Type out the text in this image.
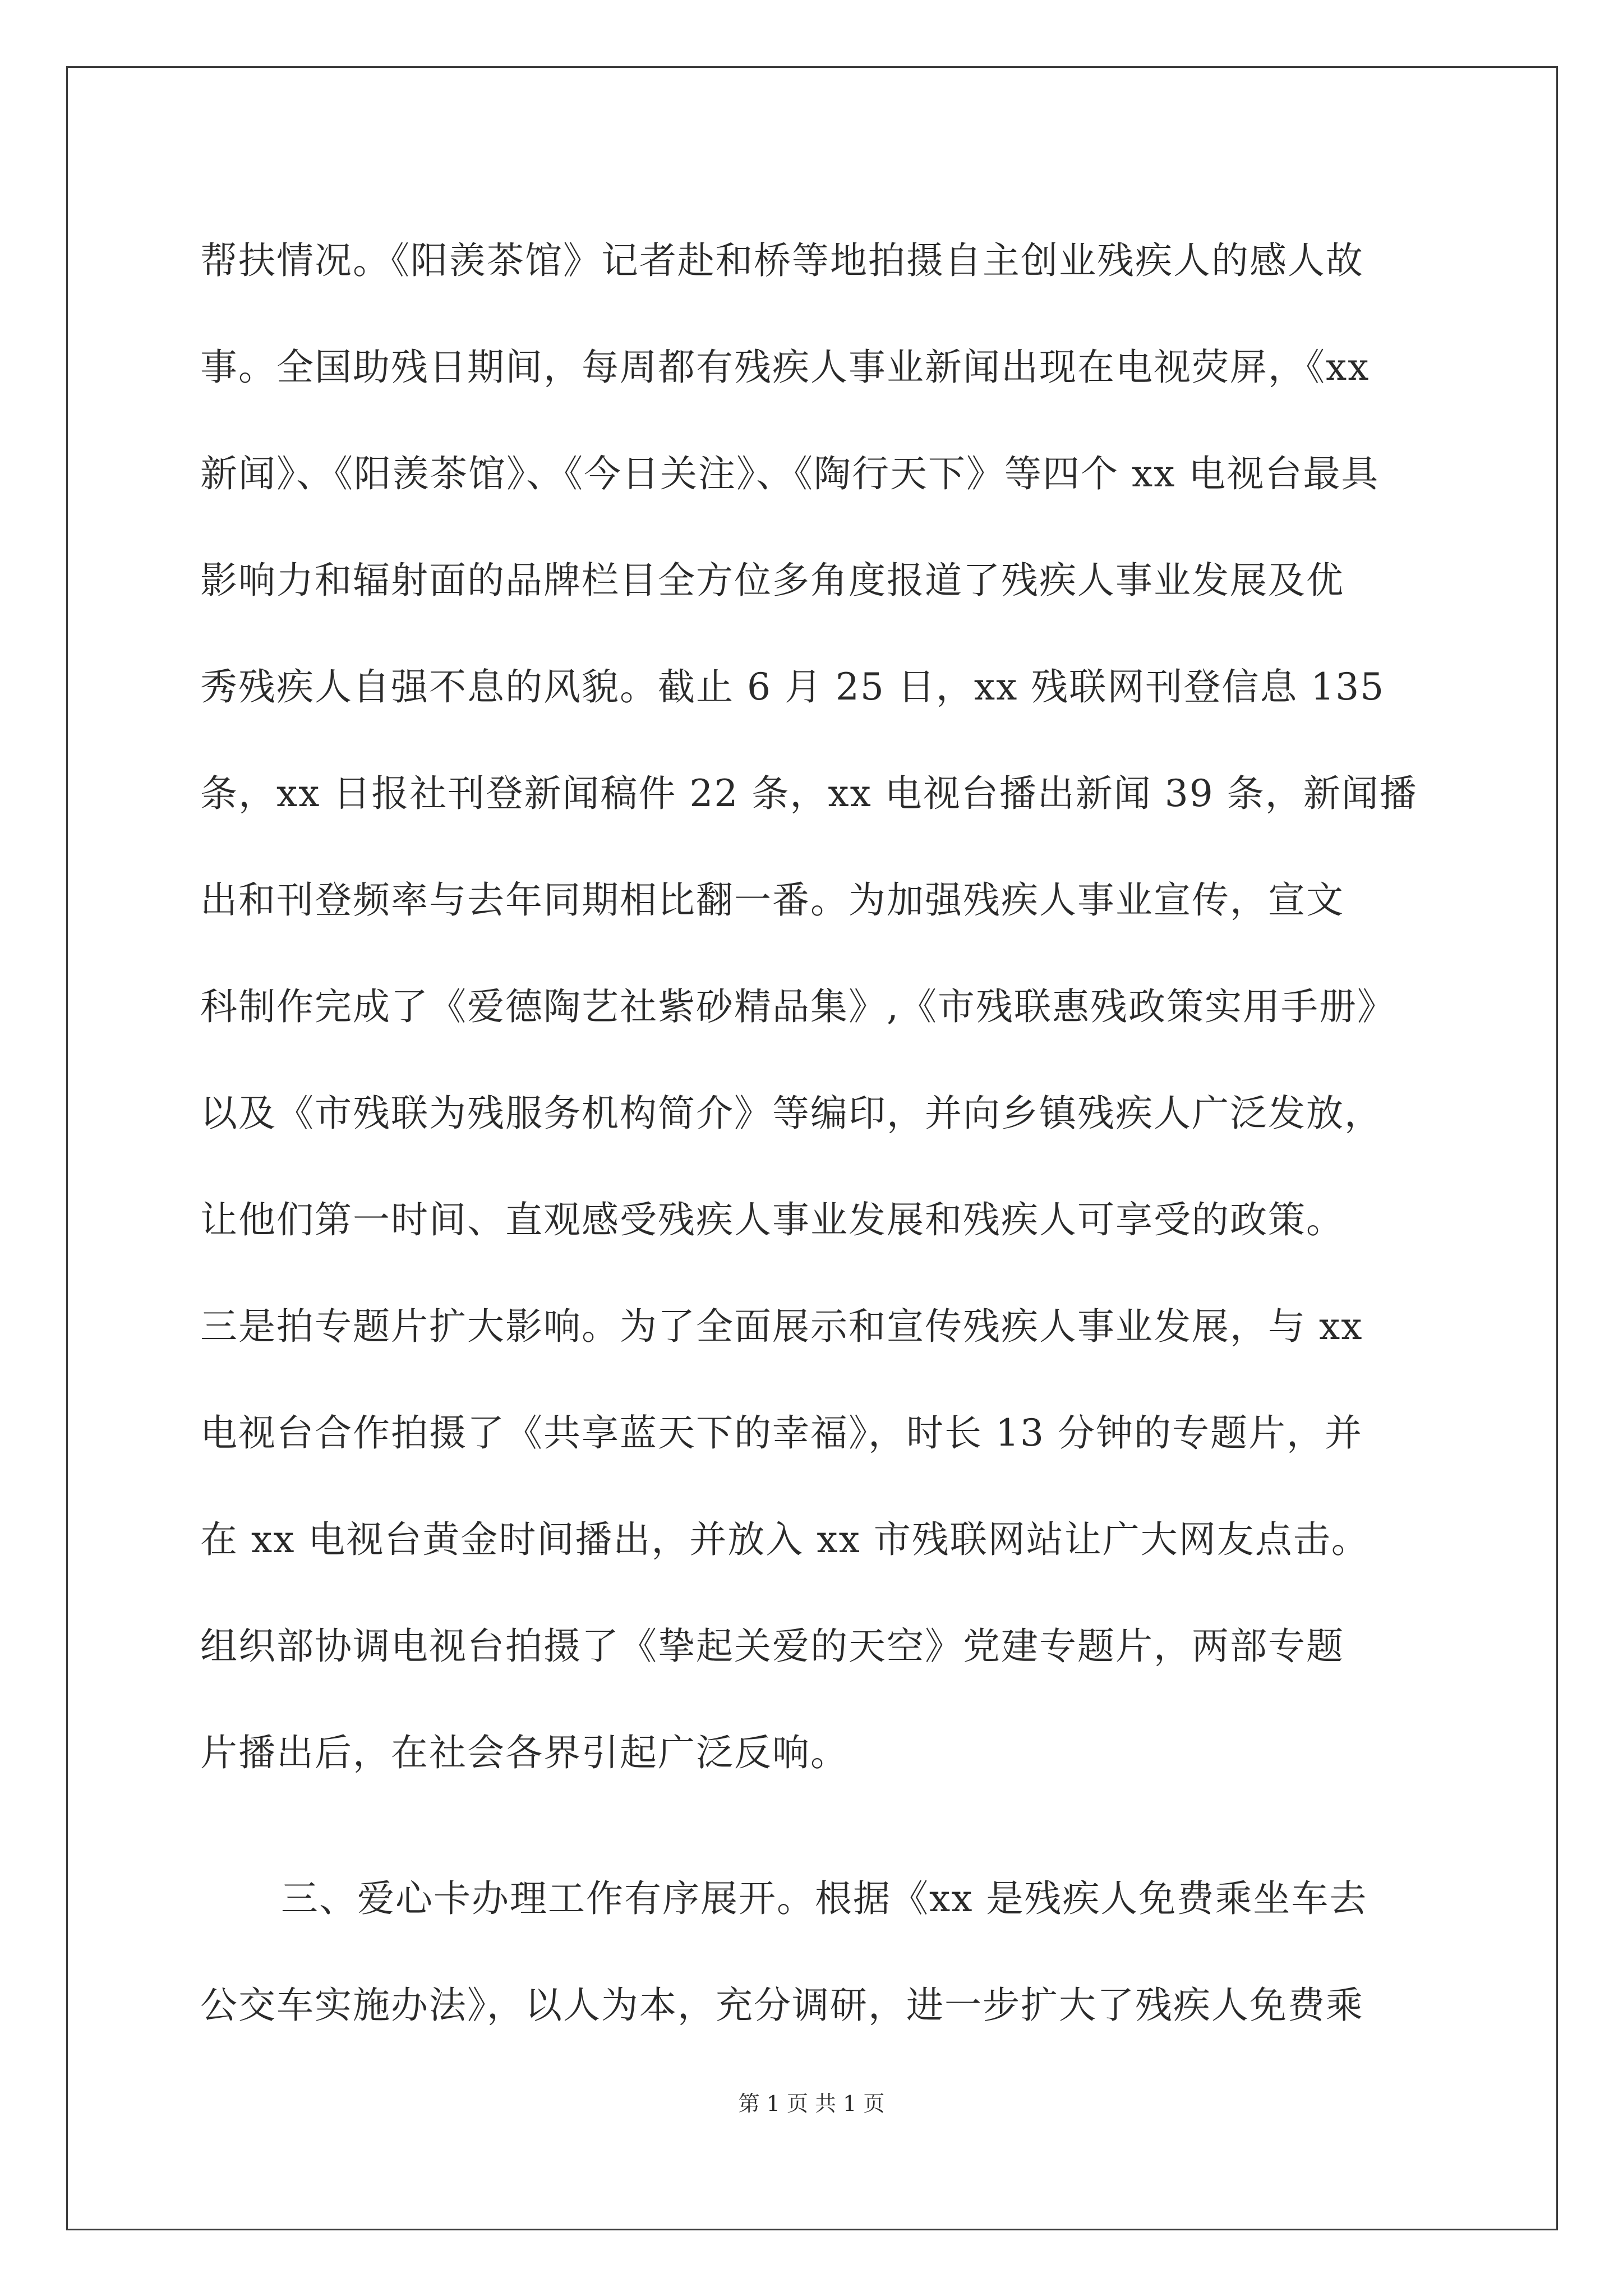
帮扶情况。《阳羡茶馆》记者赴和桥等地拍摄自主创业残疾人的感人故
事。全国助残日期间，每周都有残疾人事业新闻出现在电视荧屏，《xx
新闻》、《阳羡茶馆》、《今日关注》、《陶行天下》等四个 xx 电视台最具
影响力和辐射面的品牌栏目全方位多角度报道了残疾人事业发展及优
秀残疾人自强不息的风貌。截止 6 月 25 日，xx 残联网刊登信息 135
条，xx 日报社刊登新闻稿件 22 条，xx 电视台播出新闻 39 条，新闻播
出和刊登频率与去年同期相比翻一番。为加强残疾人事业宣传，宣文
科制作完成了《爱德陶艺社紫砂精品集》,《市残联惠残政策实用手册》
以及《市残联为残服务机构简介》等编印，并向乡镇残疾人广泛发放，
让他们第一时间、直观感受残疾人事业发展和残疾人可享受的政策。
三是拍专题片扩大影响。为了全面展示和宣传残疾人事业发展，与 xx
电视台合作拍摄了《共享蓝天下的幸福》，时长 13 分钟的专题片，并
在 xx 电视台黄金时间播出，并放入 xx 市残联网站让广大网友点击。
组织部协调电视台拍摄了《挚起关爱的天空》党建专题片，两部专题
片播出后，在社会各界引起广泛反响。
三、爱心卡办理工作有序展开。根据《xx 是残疾人免费乘坐车去
公交车实施办法》，以人为本，充分调研，进一步扩大了残疾人免费乘
第 1 页 共 1 页
